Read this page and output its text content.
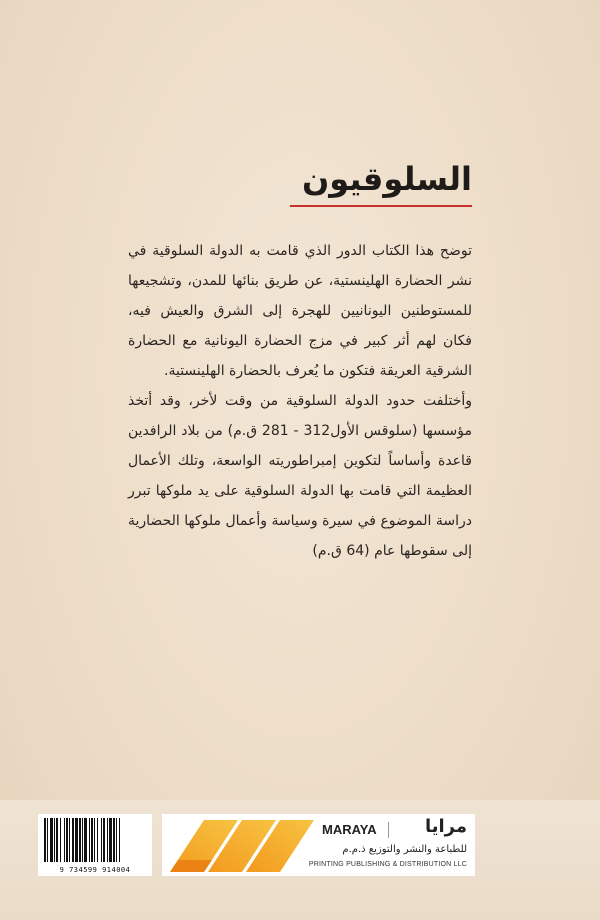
السلوقيون

توضح هذا الكتاب الدور الذي قامت به الدولة السلوقية في نشر الحضارة الهلينستية، عن طريق بنائها للمدن، وتشجيعها للمستوطنين اليونانيين للهجرة إلى الشرق والعيش فيه، فكان لهم أثر كبير في مزج الحضارة اليونانية مع الحضارة الشرقية العريقة فتكون ما يُعرف بالحضارة الهلينستية.

وأختلفت حدود الدولة السلوقية من وقت لأخر، وقد أتخذ مؤسسها (سلوقس الأول312 - 281 ق.م) من بلاد الرافدين قاعدة وأساساً لتكوين إمبراطوريته الواسعة، وتلك الأعمال العظيمة التي قامت بها الدولة السلوقية على يد ملوكها تبرر دراسة الموضوع في سيرة وسياسة وأعمال ملوكها الحضارية إلى سقوطها عام (64 ق.م)

9 734599 914004
MARAYA	مرايا
للطباعة والنشر والتوزيع ذ.م.م
PRINTING PUBLISHING & DISTRIBUTION LLC
